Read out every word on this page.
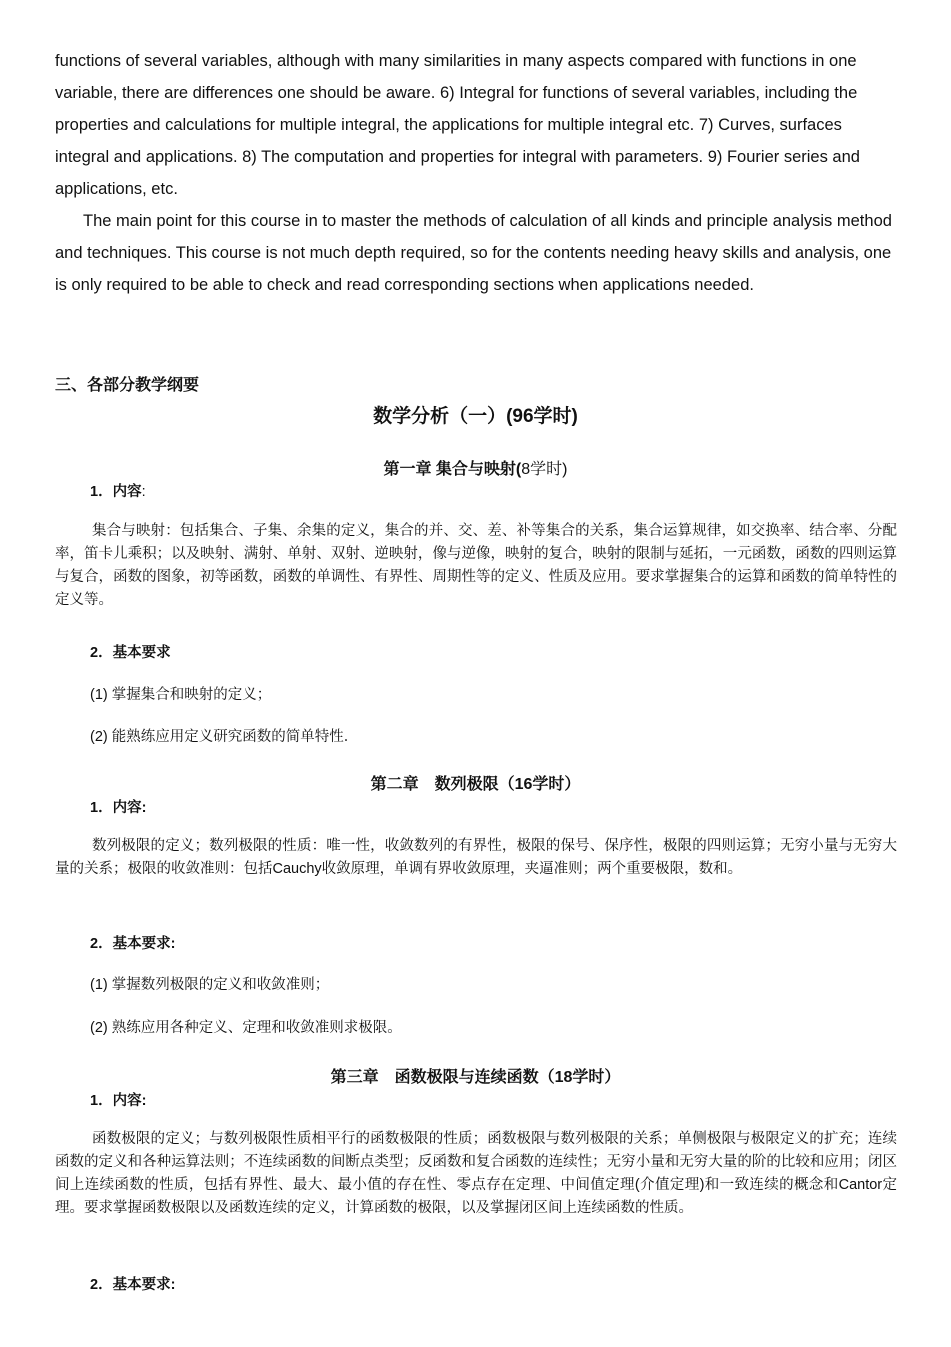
functions of several variables, although with many similarities in many aspects compared with functions in one variable, there are differences one should be aware. 6) Integral for functions of several variables, including the properties and calculations for multiple integral, the applications for multiple integral etc. 7) Curves, surfaces integral and applications. 8) The computation and properties for integral with parameters. 9) Fourier series and applications, etc.

The main point for this course in to master the methods of calculation of all kinds and principle analysis method and techniques. This course is not much depth required, so for the contents needing heavy skills and analysis, one is only required to be able to check and read corresponding sections when applications needed.

三、各部分教学纲要
数学分析（一）(96学时)
第一章 集合与映射(8学时)

1．内容:

集合与映射：包括集合、子集、余集的定义，集合的并、交、差、补等集合的关系，集合运算规律，如交换率、结合率、分配率，笛卡儿乘积；以及映射、满射、单射、双射、逆映射，像与逆像，映射的复合，映射的限制与延拓，一元函数，函数的四则运算与复合，函数的图象，初等函数，函数的单调性、有界性、周期性等的定义、性质及应用。要求掌握集合的运算和函数的简单特性的定义等。

2．基本要求

(1) 掌握集合和映射的定义；

(2) 能熟练应用定义研究函数的简单特性．

第二章　数列极限（16学时）

1．内容:

数列极限的定义；数列极限的性质：唯一性，收敛数列的有界性，极限的保号、保序性，极限的四则运算；无穷小量与无穷大量的关系；极限的收敛准则：包括Cauchy收敛原理，单调有界收敛原理，夹逼准则；两个重要极限，数和。

2．基本要求:

(1) 掌握数列极限的定义和收敛准则；

(2) 熟练应用各种定义、定理和收敛准则求极限。

第三章　函数极限与连续函数（18学时）

1．内容:

函数极限的定义；与数列极限性质相平行的函数极限的性质；函数极限与数列极限的关系；单侧极限与极限定义的扩充；连续函数的定义和各种运算法则；不连续函数的间断点类型；反函数和复合函数的连续性；无穷小量和无穷大量的阶的比较和应用；闭区间上连续函数的性质，包括有界性、最大、最小值的存在性、零点存在定理、中间值定理(介值定理)和一致连续的概念和Cantor定理。要求掌握函数极限以及函数连续的定义，计算函数的极限，以及掌握闭区间上连续函数的性质。

2．基本要求:
